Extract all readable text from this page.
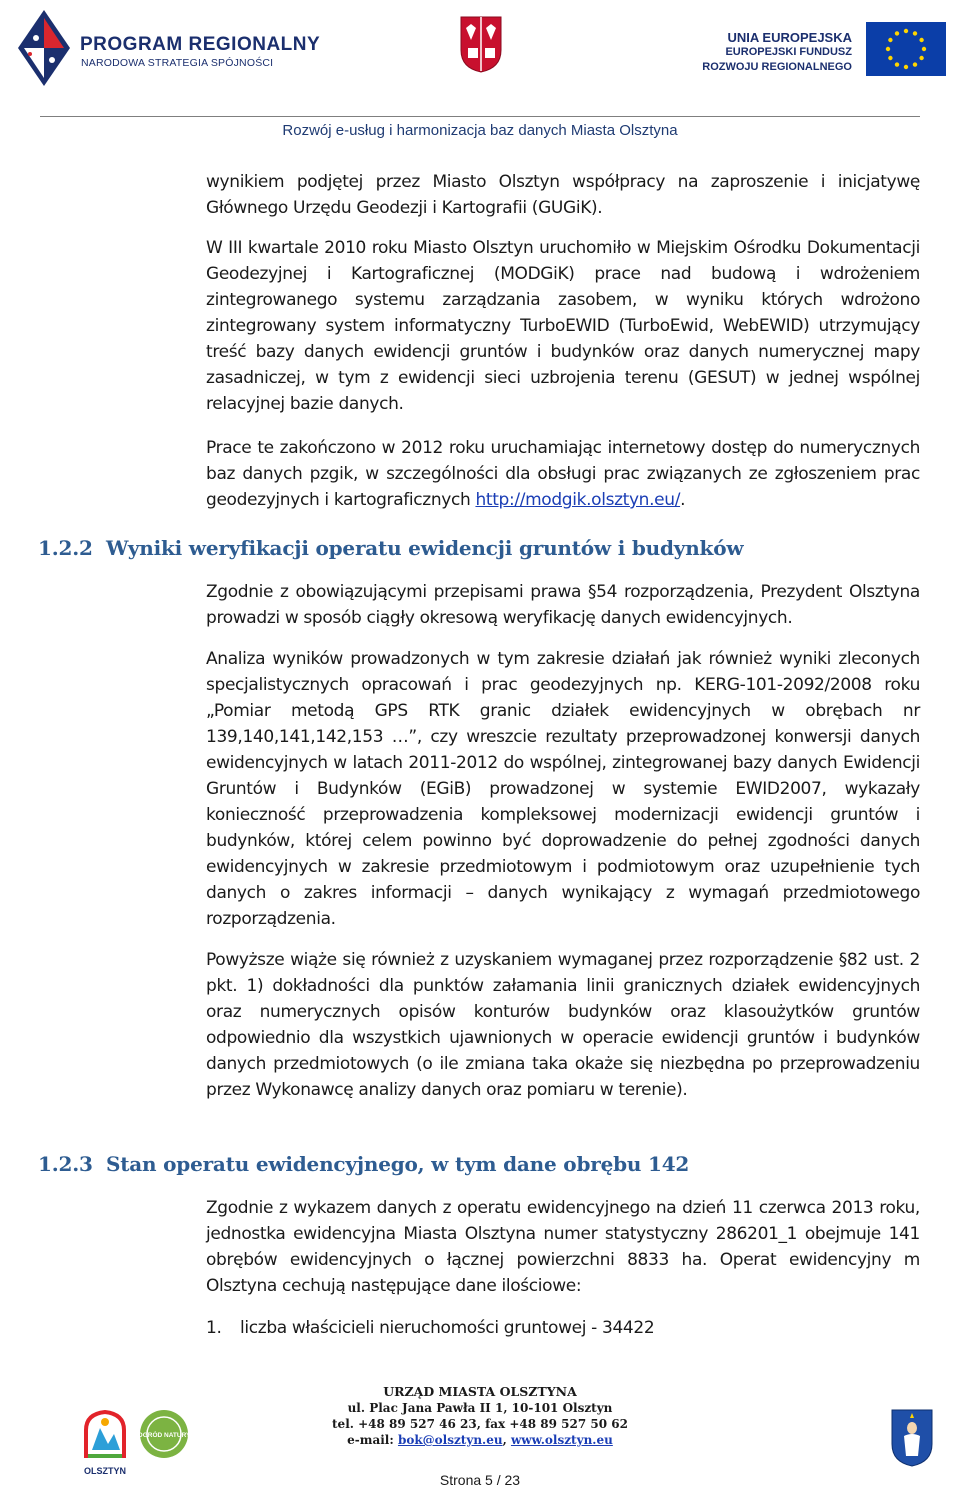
PROGRAM REGIONALNY
NARODOWA STRATEGIA SPÓJNOŚCI
UNIA EUROPEJSKA
EUROPEJSKI FUNDUSZ
ROZWOJU REGIONALNEGO
Rozwój e-usług i harmonizacja baz danych Miasta Olsztyna
wynikiem podjętej przez Miasto Olsztyn współpracy na zaproszenie i inicjatywę Głównego Urzędu Geodezji i Kartografii (GUGiK).
W III kwartale 2010 roku Miasto Olsztyn uruchomiło w Miejskim Ośrodku Dokumentacji Geodezyjnej i Kartograficznej (MODGiK) prace nad budową i wdrożeniem zintegrowanego systemu zarządzania zasobem, w wyniku których wdrożono zintegrowany system informatyczny TurboEWID (TurboEwid, WebEWID) utrzymujący treść bazy danych ewidencji gruntów i budynków oraz danych numerycznej mapy zasadniczej, w tym z ewidencji sieci uzbrojenia terenu (GESUT) w jednej wspólnej relacyjnej bazie danych.
Prace te zakończono w 2012 roku uruchamiając internetowy dostęp do numerycznych baz danych pzgik, w szczególności dla obsługi prac związanych ze zgłoszeniem prac geodezyjnych i kartograficznych http://modgik.olsztyn.eu/.
1.2.2 Wyniki weryfikacji operatu ewidencji gruntów i budynków
Zgodnie z obowiązującymi przepisami prawa §54 rozporządzenia, Prezydent Olsztyna prowadzi w sposób ciągły okresową weryfikację danych ewidencyjnych.
Analiza wyników prowadzonych w tym zakresie działań jak również wyniki zleconych specjalistycznych opracowań i prac geodezyjnych np. KERG-101-2092/2008 roku „Pomiar metodą GPS RTK granic działek ewidencyjnych w obrębach nr 139,140,141,142,153 …”, czy wreszcie rezultaty przeprowadzonej konwersji danych ewidencyjnych w latach 2011-2012 do wspólnej, zintegrowanej bazy danych Ewidencji Gruntów i Budynków (EGiB) prowadzonej w systemie EWID2007, wykazały konieczność przeprowadzenia kompleksowej modernizacji ewidencji gruntów i budynków, której celem powinno być doprowadzenie do pełnej zgodności danych ewidencyjnych w zakresie przedmiotowym i podmiotowym oraz uzupełnienie tych danych o zakres informacji – danych wynikający z wymagań przedmiotowego rozporządzenia.
Powyższe wiąże się również z uzyskaniem wymaganej przez rozporządzenie §82 ust. 2 pkt. 1) dokładności dla punktów załamania linii granicznych działek ewidencyjnych oraz numerycznych opisów konturów budynków oraz klasoużytków gruntów odpowiednio dla wszystkich ujawnionych w operacie ewidencji gruntów i budynków danych przedmiotowych (o ile zmiana taka okaże się niezbędna po przeprowadzeniu przez Wykonawcę analizy danych oraz pomiaru w terenie).
1.2.3 Stan operatu ewidencyjnego, w tym dane obrębu 142
Zgodnie z wykazem danych z operatu ewidencyjnego na dzień 11 czerwca 2013 roku, jednostka ewidencyjna Miasta Olsztyna numer statystyczny 286201_1 obejmuje 141 obrębów ewidencyjnych o łącznej powierzchni 8833 ha. Operat ewidencyjny m Olsztyna cechują następujące dane ilościowe:
1. liczba właścicieli nieruchomości gruntowej - 34422
OLSZTYN
OGRÓD NATURY
URZĄD MIASTA OLSZTYNA
ul. Plac Jana Pawła II 1, 10-101 Olsztyn
tel. +48 89 527 46 23, fax +48 89 527 50 62
e-mail: bok@olsztyn.eu, www.olsztyn.eu
Strona 5 / 23
